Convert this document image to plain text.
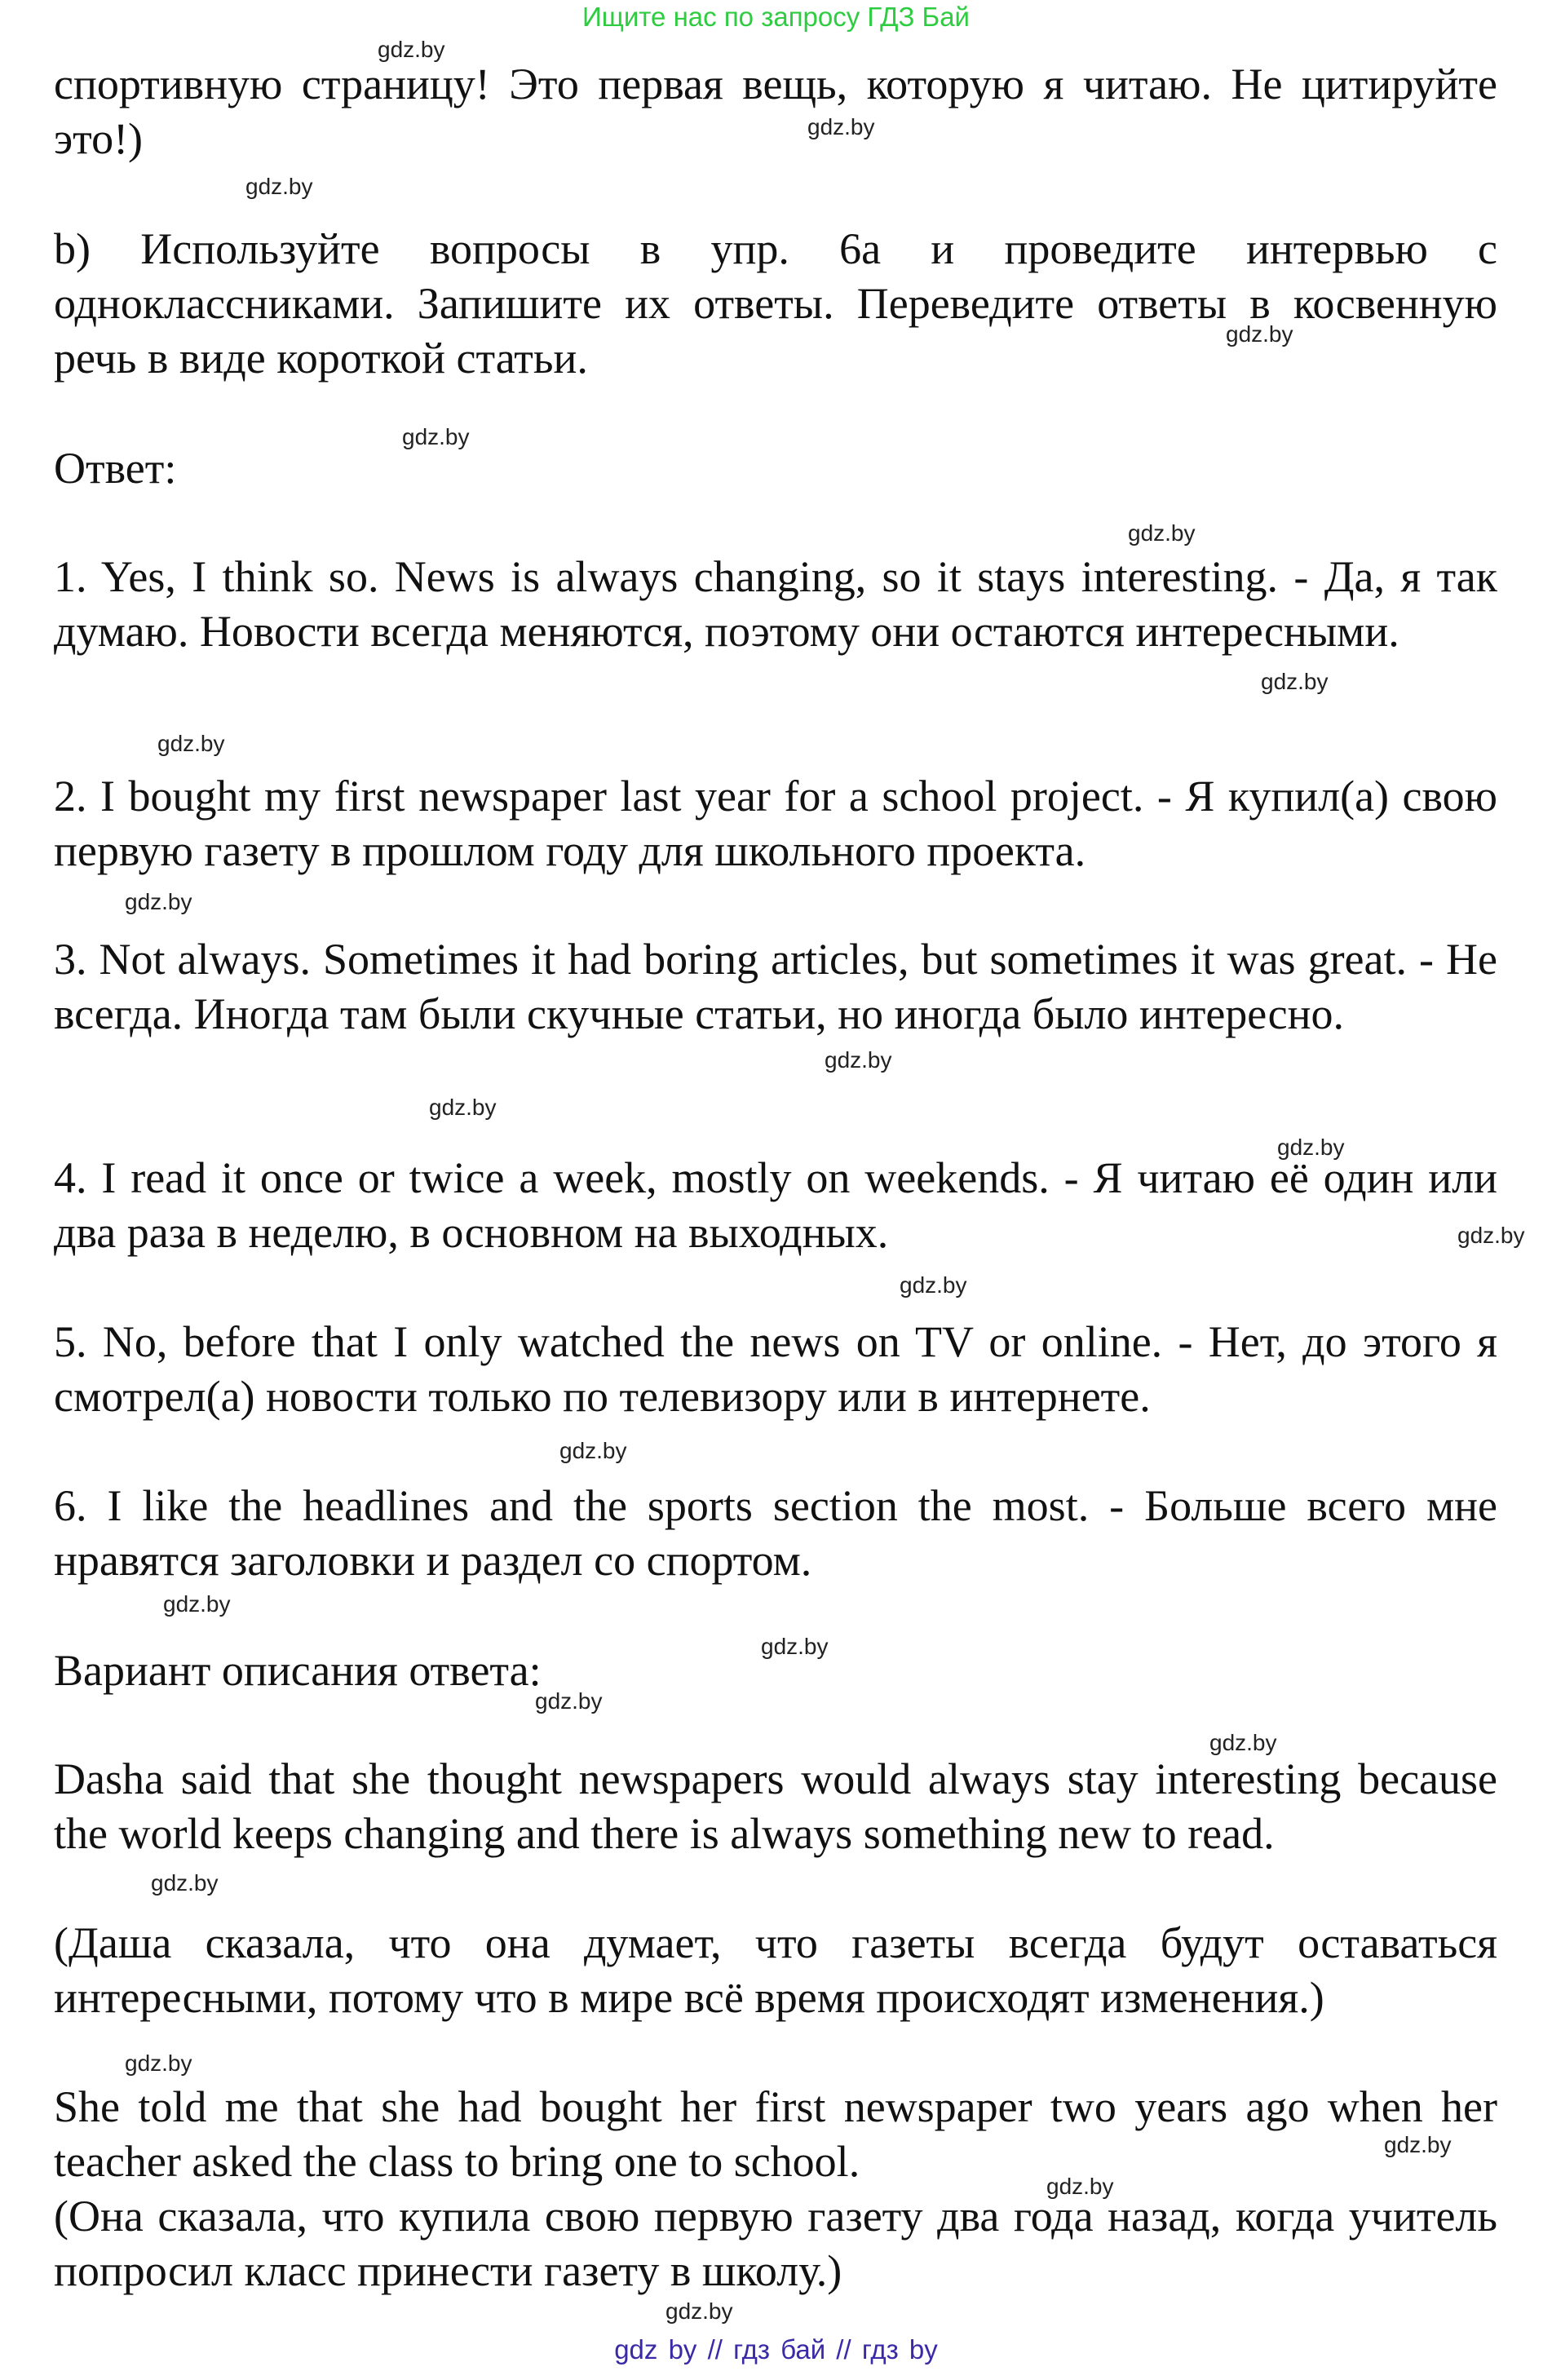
Ищите нас по запросу ГДЗ Бай

спортивную страницу! Это первая вещь, которую я читаю. Не цитируйте это!)

b) Используйте вопросы в упр. 6а и проведите интервью с одноклассниками. Запишите их ответы. Переведите ответы в косвенную речь в виде короткой статьи.

Ответ:

1. Yes, I think so. News is always changing, so it stays interesting. - Да, я так думаю. Новости всегда меняются, поэтому они остаются интересными.

2. I bought my first newspaper last year for a school project. - Я купил(а) свою первую газету в прошлом году для школьного проекта.

3. Not always. Sometimes it had boring articles, but sometimes it was great. - Не всегда. Иногда там были скучные статьи, но иногда было интересно.

4. I read it once or twice a week, mostly on weekends. - Я читаю её один или два раза в неделю, в основном на выходных.

5. No, before that I only watched the news on TV or online. - Нет, до этого я смотрел(а) новости только по телевизору или в интернете.

6. I like the headlines and the sports section the most. - Больше всего мне нравятся заголовки и раздел со спортом.

Вариант описания ответа:

Dasha said that she thought newspapers would always stay interesting because the world keeps changing and there is always something new to read.

(Даша сказала, что она думает, что газеты всегда будут оставаться интересными, потому что в мире всё время происходят изменения.)

She told me that she had bought her first newspaper two years ago when her teacher asked the class to bring one to school.

(Она сказала, что купила свою первую газету два года назад, когда учитель попросил класс принести газету в школу.)

gdz.by
gdz.by
gdz.by
gdz.by
gdz.by
gdz.by
gdz.by
gdz.by
gdz.by
gdz.by
gdz.by
gdz.by
gdz.by
gdz.by
gdz.by
gdz.by
gdz.by
gdz.by
gdz.by
gdz.by
gdz.by
gdz.by
gdz.by
gdz.by
gdz by // гдз бай // гдз by
